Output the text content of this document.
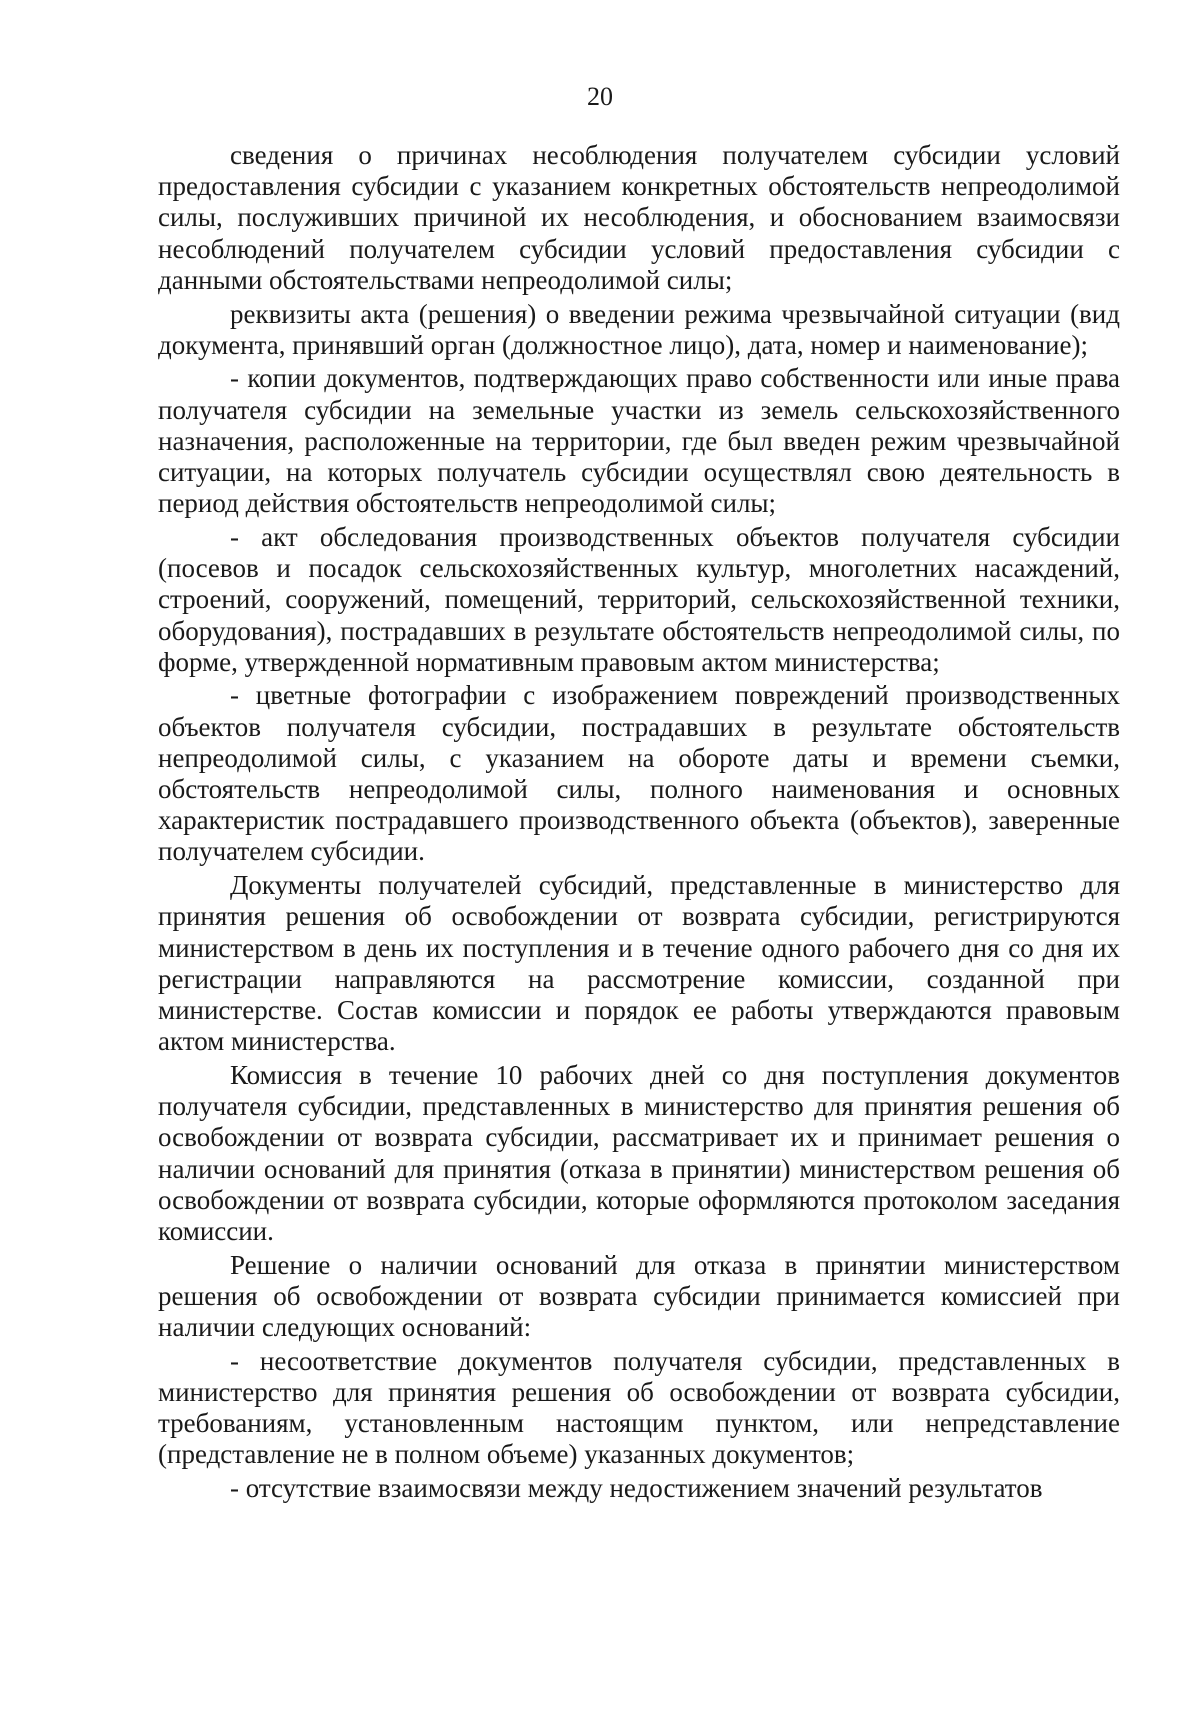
20

сведения о причинах несоблюдения получателем субсидии условий предоставления субсидии с указанием конкретных обстоятельств непреодолимой силы, послуживших причиной их несоблюдения, и обоснованием взаимосвязи несоблюдений получателем субсидии условий предоставления субсидии с данными обстоятельствами непреодолимой силы;

реквизиты акта (решения) о введении режима чрезвычайной ситуации (вид документа, принявший орган (должностное лицо), дата, номер и наименование);

- копии документов, подтверждающих право собственности или иные права получателя субсидии на земельные участки из земель сельскохозяйственного назначения, расположенные на территории, где был введен режим чрезвычайной ситуации, на которых получатель субсидии осуществлял свою деятельность в период действия обстоятельств непреодолимой силы;

- акт обследования производственных объектов получателя субсидии (посевов и посадок сельскохозяйственных культур, многолетних насаждений, строений, сооружений, помещений, территорий, сельскохозяйственной техники, оборудования), пострадавших в результате обстоятельств непреодолимой силы, по форме, утвержденной нормативным правовым актом министерства;

- цветные фотографии с изображением повреждений производственных объектов получателя субсидии, пострадавших в результате обстоятельств непреодолимой силы, с указанием на обороте даты и времени съемки, обстоятельств непреодолимой силы, полного наименования и основных характеристик пострадавшего производственного объекта (объектов), заверенные получателем субсидии.

Документы получателей субсидий, представленные в министерство для принятия решения об освобождении от возврата субсидии, регистрируются министерством в день их поступления и в течение одного рабочего дня со дня их регистрации направляются на рассмотрение комиссии, созданной при министерстве. Состав комиссии и порядок ее работы утверждаются правовым актом министерства.

Комиссия в течение 10 рабочих дней со дня поступления документов получателя субсидии, представленных в министерство для принятия решения об освобождении от возврата субсидии, рассматривает их и принимает решения о наличии оснований для принятия (отказа в принятии) министерством решения об освобождении от возврата субсидии, которые оформляются протоколом заседания комиссии.

Решение о наличии оснований для отказа в принятии министерством решения об освобождении от возврата субсидии принимается комиссией при наличии следующих оснований:

- несоответствие документов получателя субсидии, представленных в министерство для принятия решения об освобождении от возврата субсидии, требованиям, установленным настоящим пунктом, или непредставление (представление не в полном объеме) указанных документов;

- отсутствие взаимосвязи между недостижением значений результатов
